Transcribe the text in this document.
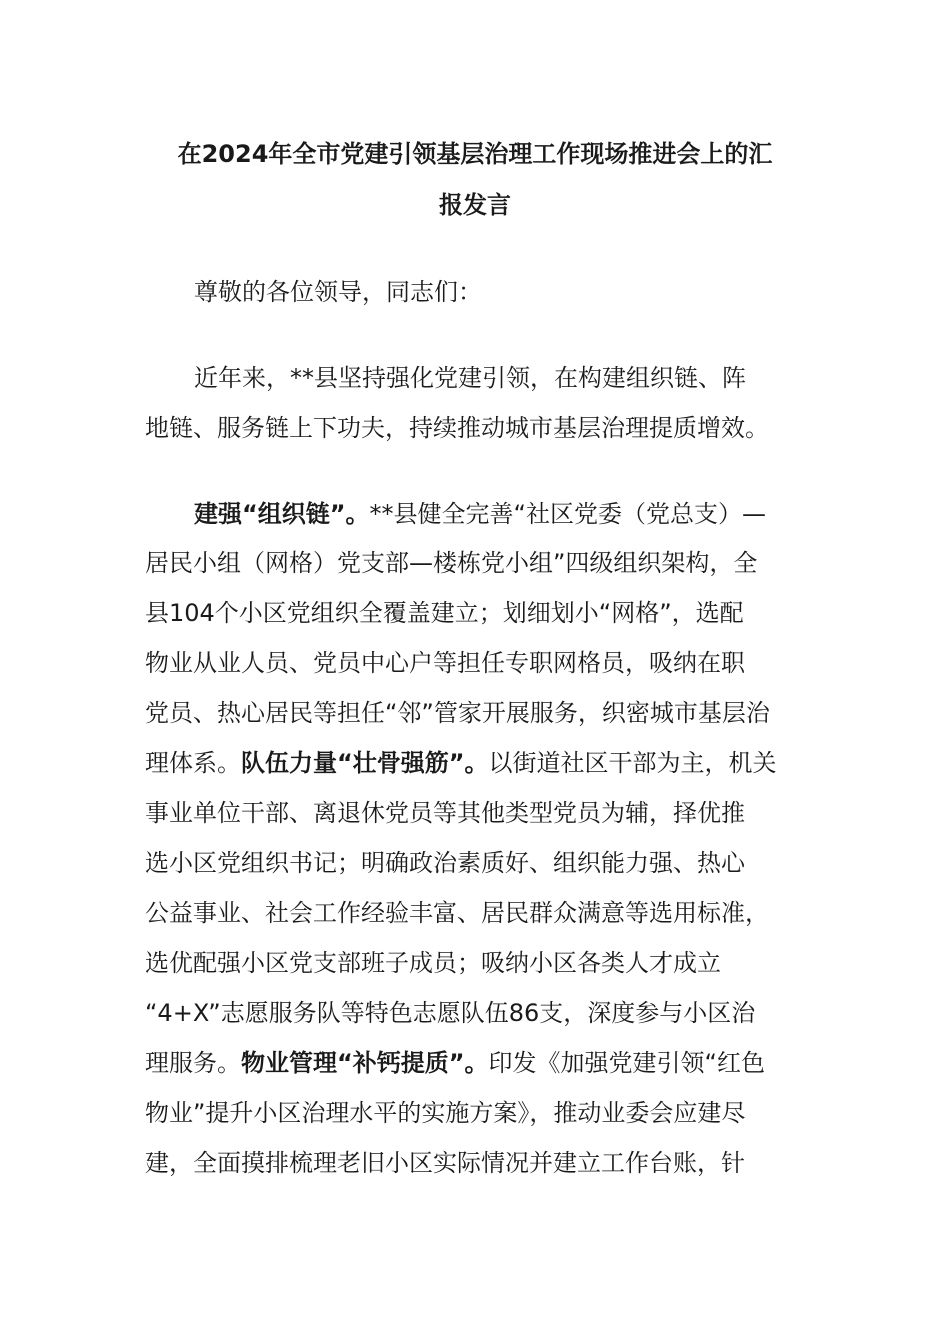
在2024年全市党建引领基层治理工作现场推进会上的汇
报发言
尊敬的各位领导，同志们：
近年来，**县坚持强化党建引领，在构建组织链、阵
地链、服务链上下功夫，持续推动城市基层治理提质增效。
建强“组织链”。**县健全完善“社区党委（党总支）—
居民小组（网格）党支部—楼栋党小组”四级组织架构，全
县104个小区党组织全覆盖建立；划细划小“网格”，选配
物业从业人员、党员中心户等担任专职网格员，吸纳在职
党员、热心居民等担任“邻”管家开展服务，织密城市基层治
理体系。队伍力量“壮骨强筋”。以街道社区干部为主，机关
事业单位干部、离退休党员等其他类型党员为辅，择优推
选小区党组织书记；明确政治素质好、组织能力强、热心
公益事业、社会工作经验丰富、居民群众满意等选用标准，
选优配强小区党支部班子成员；吸纳小区各类人才成立
“4+X”志愿服务队等特色志愿队伍86支，深度参与小区治
理服务。物业管理“补钙提质”。印发《加强党建引领“红色
物业”提升小区治理水平的实施方案》，推动业委会应建尽
建，全面摸排梳理老旧小区实际情况并建立工作台账，针
